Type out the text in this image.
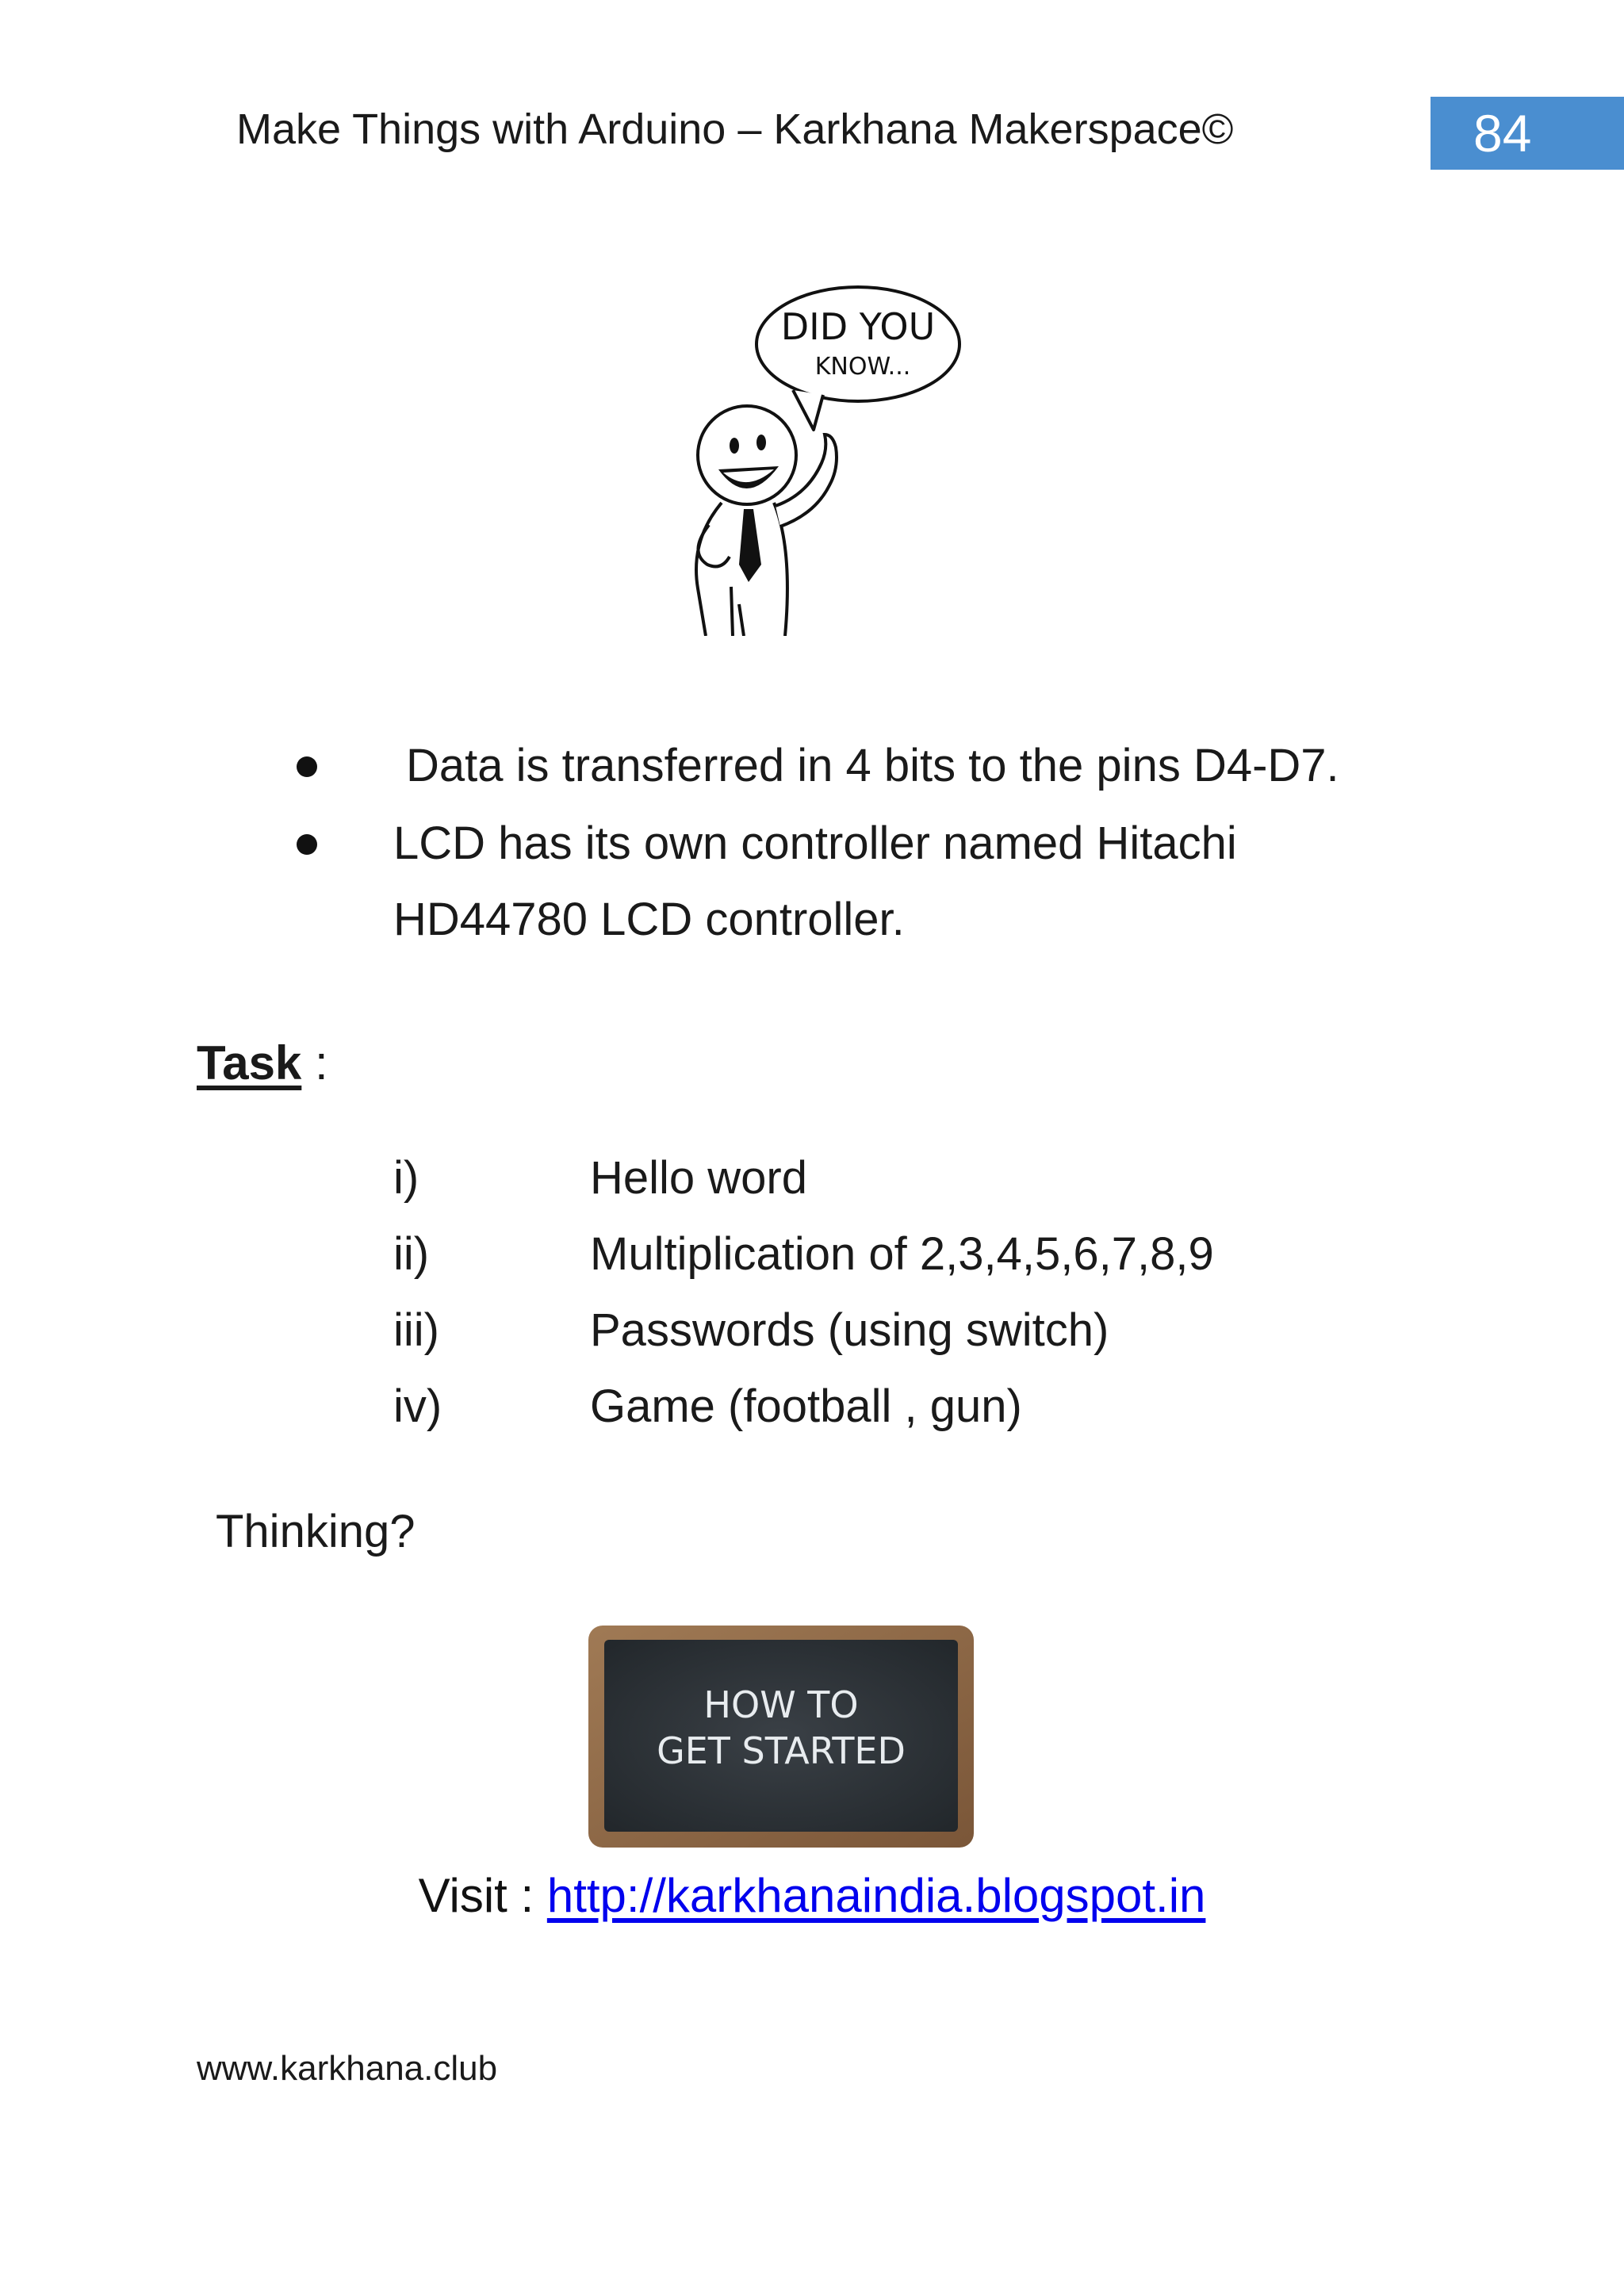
Make Things with Arduino – Karkhana Makerspace©	84
DID YOU
KNOW...
Data is transferred in 4 bits to the pins D4-D7.
LCD has its own controller named Hitachi HD44780 LCD controller.
Task :
i)	Hello word
ii)	Multiplication of 2,3,4,5,6,7,8,9
iii)	Passwords (using switch)
iv)	Game (football , gun)
Thinking?
HOW TO
GET STARTED
Visit : http://karkhanaindia.blogspot.in
www.karkhana.club
